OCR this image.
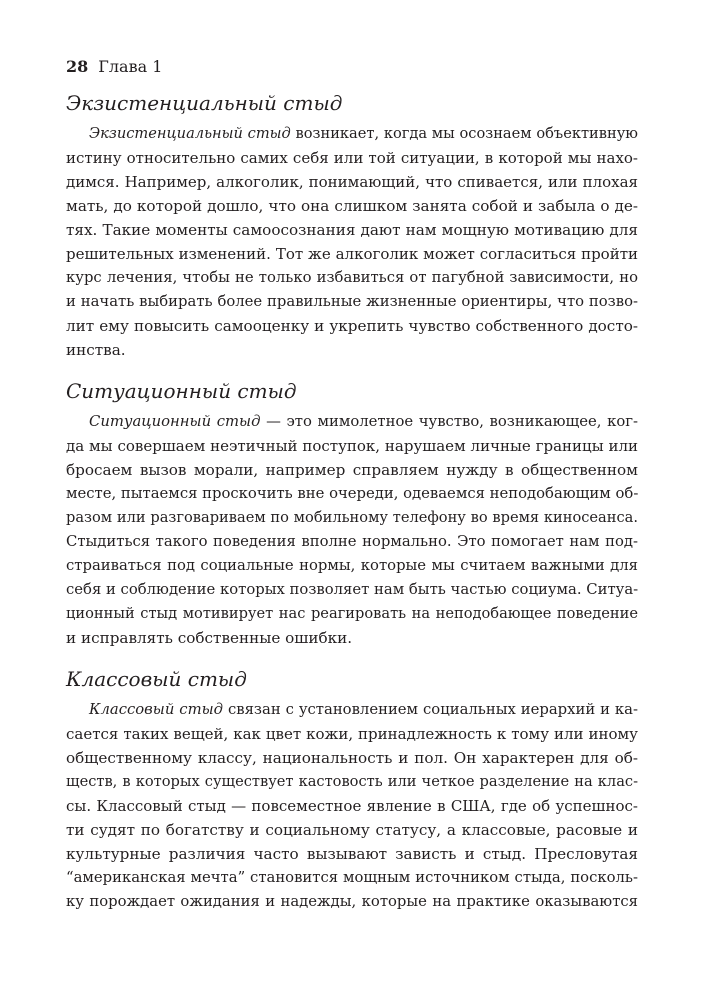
28 Глава 1
Экзистенциальный стыд
Экзистенциальный стыд возникает, когда мы осознаем объективную
истину относительно самих себя или той ситуации, в которой мы нахо-
димся. Например, алкоголик, понимающий, что спивается, или плохая
мать, до которой дошло, что она слишком занята собой и забыла о де-
тях. Такие моменты самоосознания дают нам мощную мотивацию для
решительных изменений. Тот же алкоголик может согласиться пройти
курс лечения, чтобы не только избавиться от пагубной зависимости, но
и начать выбирать более правильные жизненные ориентиры, что позво-
лит ему повысить самооценку и укрепить чувство собственного досто-
инства.
Ситуационный стыд
Ситуационный стыд — это мимолетное чувство, возникающее, ког-
да мы совершаем неэтичный поступок, нарушаем личные границы или
бросаем вызов морали, например справляем нужду в общественном
месте, пытаемся проскочить вне очереди, одеваемся неподобающим об-
разом или разговариваем по мобильному телефону во время киносеанса.
Стыдиться такого поведения вполне нормально. Это помогает нам под-
страиваться под социальные нормы, которые мы считаем важными для
себя и соблюдение которых позволяет нам быть частью социума. Ситуа-
ционный стыд мотивирует нас реагировать на неподобающее поведение
и исправлять собственные ошибки.
Классовый стыд
Классовый стыд связан с установлением социальных иерархий и ка-
сается таких вещей, как цвет кожи, принадлежность к тому или иному
общественному классу, национальность и пол. Он характерен для об-
ществ, в которых существует кастовость или четкое разделение на клас-
сы. Классовый стыд — повсеместное явление в США, где об успешнос-
ти судят по богатству и социальному статусу, а классовые, расовые и
культурные различия часто вызывают зависть и стыд. Пресловутая
“американская мечта” становится мощным источником стыда, посколь-
ку порождает ожидания и надежды, которые на практике оказываются
